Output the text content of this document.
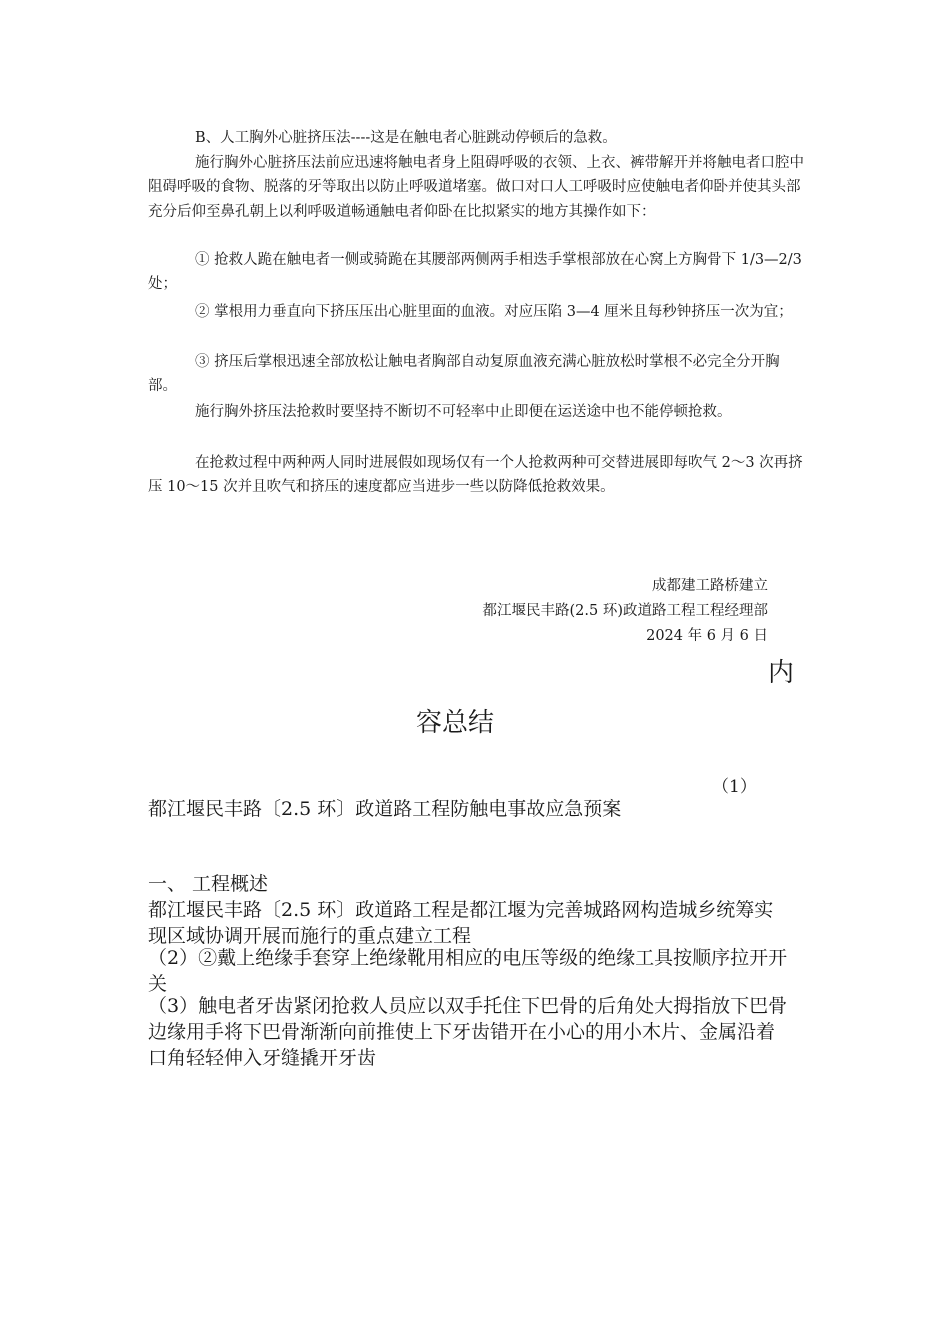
B、人工胸外心脏挤压法----这是在触电者心脏跳动停顿后的急救。

施行胸外心脏挤压法前应迅速将触电者身上阻碍呼吸的衣领、上衣、裤带解开并将触电者口腔中阻碍呼吸的食物、脱落的牙等取出以防止呼吸道堵塞。做口对口人工呼吸时应使触电者仰卧并使其头部充分后仰至鼻孔朝上以利呼吸道畅通触电者仰卧在比拟紧实的地方其操作如下：

① 抢救人跪在触电者一侧或骑跪在其腰部两侧两手相迭手掌根部放在心窝上方胸骨下 1/3—2/3 处；

② 掌根用力垂直向下挤压压出心脏里面的血液。对应压陷 3—4 厘米且每秒钟挤压一次为宜；

③ 挤压后掌根迅速全部放松让触电者胸部自动复原血液充满心脏放松时掌根不必完全分开胸部。

施行胸外挤压法抢救时要坚持不断切不可轻率中止即便在运送途中也不能停顿抢救。

在抢救过程中两种两人同时进展假如现场仅有一个人抢救两种可交替进展即每吹气 2～3 次再挤压 10～15 次并且吹气和挤压的速度都应当进步一些以防降低抢救效果。

成都建工路桥建立

都江堰民丰路(2.5 环)政道路工程工程经理部

2024 年 6 月 6 日

内

容总结

（1）

都江堰民丰路〔2.5 环〕政道路工程防触电事故应急预案

一、 工程概述

都江堰民丰路〔2.5 环〕政道路工程是都江堰为完善城路网构造城乡统筹实现区域协调开展而施行的重点建立工程

（2）②戴上绝缘手套穿上绝缘靴用相应的电压等级的绝缘工具按顺序拉开开关

（3）触电者牙齿紧闭抢救人员应以双手托住下巴骨的后角处大拇指放下巴骨边缘用手将下巴骨渐渐向前推使上下牙齿错开在小心的用小木片、金属沿着口角轻轻伸入牙缝撬开牙齿
